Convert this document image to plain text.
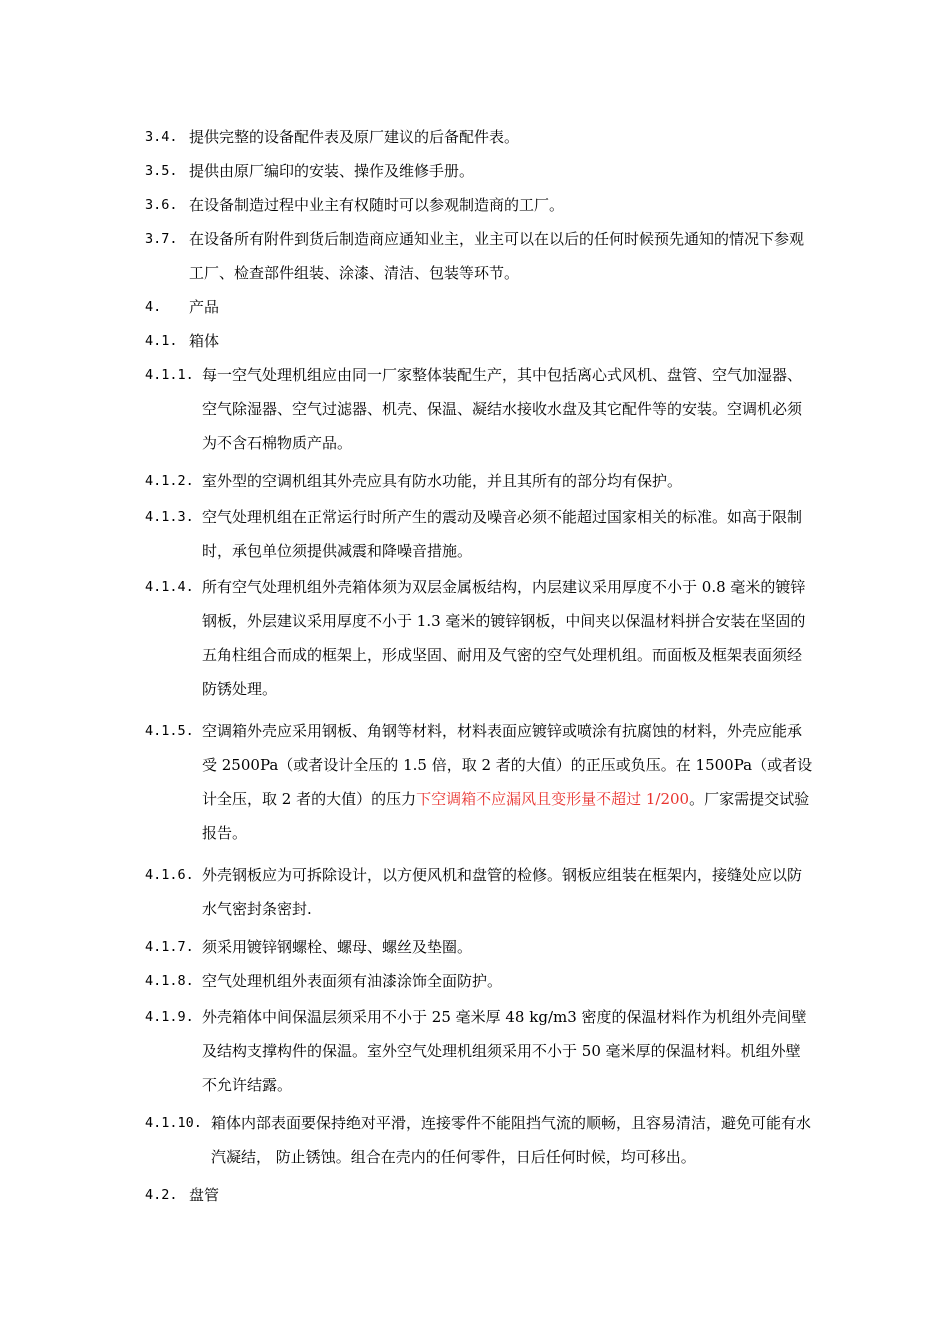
3.4. 提供完整的设备配件表及原厂建议的后备配件表。
3.5. 提供由原厂编印的安装、操作及维修手册。
3.6. 在设备制造过程中业主有权随时可以参观制造商的工厂。
3.7. 在设备所有附件到货后制造商应通知业主，业主可以在以后的任何时候预先通知的情况下参观工厂、检查部件组装、涂漆、清洁、包装等环节。
4.	产品
4.1. 箱体
4.1.1. 每一空气处理机组应由同一厂家整体装配生产，其中包括离心式风机、盘管、空气加湿器、空气除湿器、空气过滤器、机壳、保温、凝结水接收水盘及其它配件等的安装。空调机必须为不含石棉物质产品。
4.1.2. 室外型的空调机组其外壳应具有防水功能，并且其所有的部分均有保护。
4.1.3. 空气处理机组在正常运行时所产生的震动及噪音必须不能超过国家相关的标准。如高于限制时，承包单位须提供减震和降噪音措施。
4.1.4. 所有空气处理机组外壳箱体须为双层金属板结构，内层建议采用厚度不小于 0.8 毫米的镀锌钢板，外层建议采用厚度不小于 1.3 毫米的镀锌钢板，中间夹以保温材料拼合安装在坚固的五角柱组合而成的框架上，形成坚固、耐用及气密的空气处理机组。而面板及框架表面须经防锈处理。
4.1.5. 空调箱外壳应采用钢板、角钢等材料，材料表面应镀锌或喷涂有抗腐蚀的材料，外壳应能承受 2500Pa（或者设计全压的 1.5 倍，取 2 者的大值）的正压或负压。在 1500Pa（或者设计全压，取 2 者的大值）的压力下空调箱不应漏风且变形量不超过 1/200。厂家需提交试验报告。
4.1.6. 外壳钢板应为可拆除设计，以方便风机和盘管的检修。钢板应组装在框架内，接缝处应以防水气密封条密封.
4.1.7. 须采用镀锌钢螺栓、螺母、螺丝及垫圈。
4.1.8. 空气处理机组外表面须有油漆涂饰全面防护。
4.1.9. 外壳箱体中间保温层须采用不小于 25 毫米厚 48 kg/m3 密度的保温材料作为机组外壳间壁及结构支撑构件的保温。室外空气处理机组须采用不小于 50 毫米厚的保温材料。机组外壁不允许结露。
4.1.10. 箱体内部表面要保持绝对平滑，连接零件不能阻挡气流的顺畅，且容易清洁，避免可能有水汽凝结， 防止锈蚀。组合在壳内的任何零件，日后任何时候，均可移出。
4.2. 盘管
